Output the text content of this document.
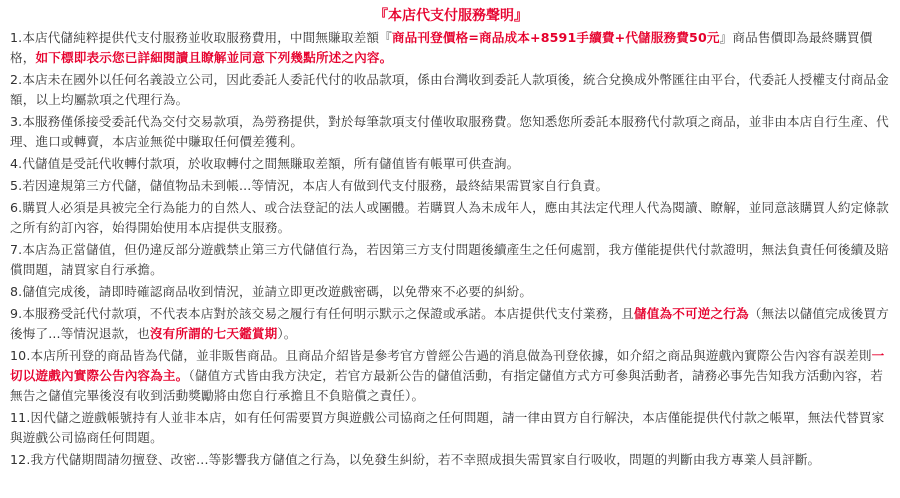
『本店代支付服務聲明』
1.本店代儲純粹提供代支付服務並收取服務費用，中間無賺取差額『商品刊登價格=商品成本+8591手續費+代儲服務費50元』商品售價即為最終購買價格，如下標即表示您已詳細閱讀且瞭解並同意下列幾點所述之內容。
2.本店未在國外以任何名義設立公司，因此委託人委託代付的收品款項，係由台灣收到委託人款項後，統合兌換成外幣匯往由平台，代委託人授權支付商品金額，以上均屬款項之代理行為。
3.本服務僅係接受委託代為交付交易款項，為勞務提供，對於每筆款項支付僅收取服務費。您知悉您所委託本服務代付款項之商品，並非由本店自行生產、代理、進口或轉賣，本店並無從中賺取任何價差獲利。
4.代儲值是受託代收轉付款項，於收取轉付之間無賺取差額，所有儲值皆有帳單可供查詢。
5.若因違規第三方代儲，儲值物品未到帳...等情況，本店人有做到代支付服務，最終結果需買家自行負責。
6.購買人必須是具被完全行為能力的自然人、或合法登記的法人或團體。若購買人為未成年人，應由其法定代理人代為閱讀、瞭解，並同意該購買人約定條款之所有約訂內容，始得開始使用本店提供支服務。
7.本店為正當儲值，但仍違反部分遊戲禁止第三方代儲值行為，若因第三方支付問題後續產生之任何處罰，我方僅能提供代付款證明，無法負責任何後續及賠償問題，請買家自行承擔。
8.儲值完成後，請即時確認商品收到情況，並請立即更改遊戲密碼，以免帶來不必要的糾紛。
9.本服務受託代付款項，不代表本店對於該交易之履行有任何明示默示之保證或承諾。本店提供代支付業務，且儲值為不可逆之行為（無法以儲值完成後買方後悔了...等情況退款，也沒有所謂的七天鑑賞期）。
10.本店所刊登的商品皆為代儲，並非販售商品。且商品介紹皆是參考官方曾經公告過的消息做為刊登依據，如介紹之商品與遊戲內實際公告內容有誤差則一切以遊戲內實際公告內容為主。（儲值方式皆由我方決定，若官方最新公告的儲值活動，有指定儲值方式方可參與活動者，請務必事先告知我方活動內容，若無告之儲值完畢後沒有收到活動獎勵將由您自行承擔且不負賠償之責任）。
11.因代儲之遊戲帳號持有人並非本店，如有任何需要買方與遊戲公司協商之任何問題，請一律由買方自行解決，本店僅能提供代付款之帳單，無法代替買家與遊戲公司協商任何問題。
12.我方代儲期間請勿擅登、改密...等影響我方儲值之行為，以免發生糾紛，若不幸照成損失需買家自行吸收，問題的判斷由我方專業人員評斷。
